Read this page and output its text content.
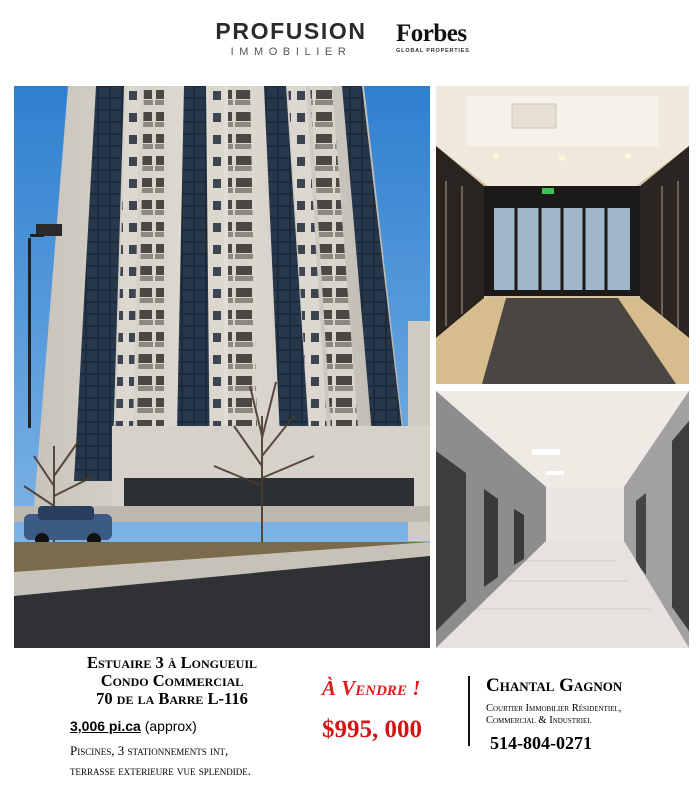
PROFUSION
IMMOBILIER
Forbes
GLOBAL PROPERTIES
Estuaire 3 à Longueuil
Condo Commercial
70 de la Barre L-116
3,006 pi.ca (approx)
Piscines, 3 stationnements int,
terrasse exterieure vue splendide.
À Vendre !
$995, 000
Chantal Gagnon
Courtier Immobilier Résidentiel,
Commercial & Industriel
514-804-0271
